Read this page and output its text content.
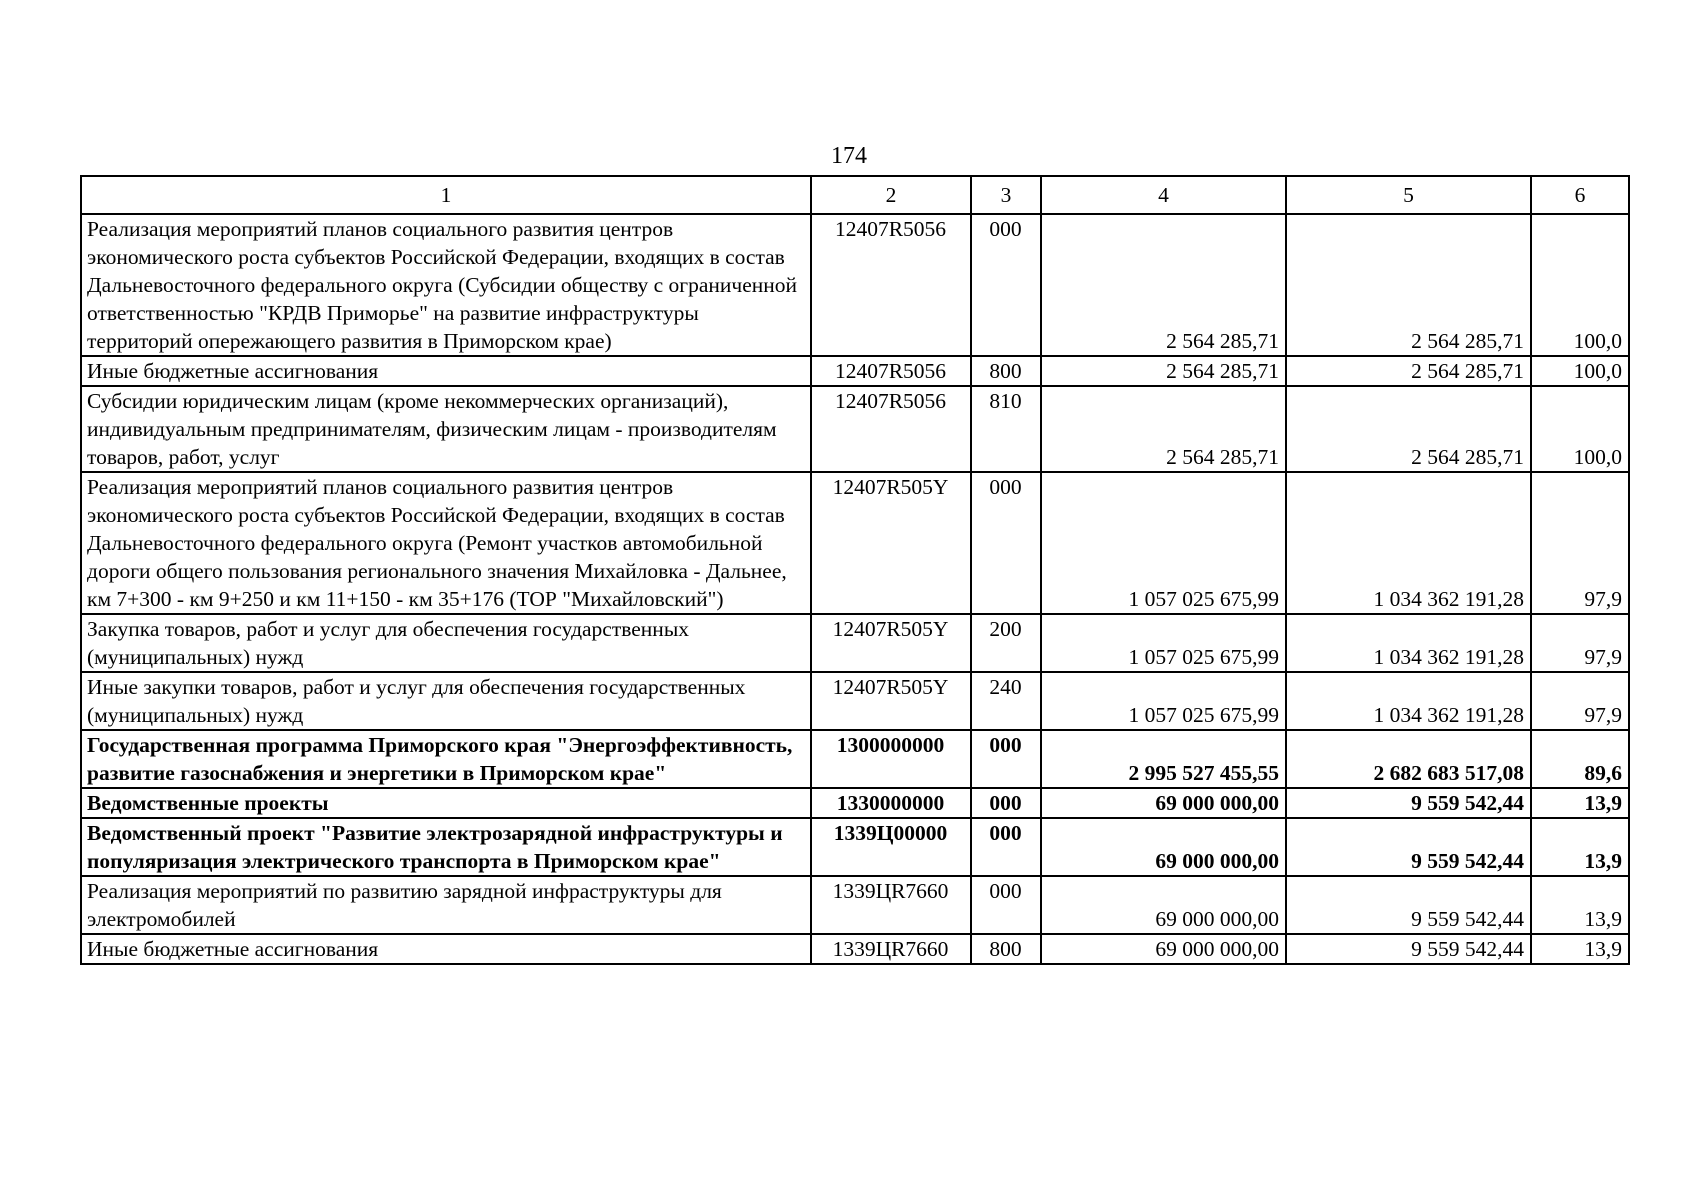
174
1	2	3	4	5	6
Реализация мероприятий планов социального развития центров экономического роста субъектов Российской Федерации, входящих в состав Дальневосточного федерального округа (Субсидии обществу с ограниченной ответственностью "КРДВ Приморье" на развитие инфраструктуры территорий опережающего развития в Приморском крае)	12407R5056	000	2 564 285,71	2 564 285,71	100,0
Иные бюджетные ассигнования	12407R5056	800	2 564 285,71	2 564 285,71	100,0
Субсидии юридическим лицам (кроме некоммерческих организаций), индивидуальным предпринимателям, физическим лицам - производителям товаров, работ, услуг	12407R5056	810	2 564 285,71	2 564 285,71	100,0
Реализация мероприятий планов социального развития центров экономического роста субъектов Российской Федерации, входящих в состав Дальневосточного федерального округа (Ремонт участков автомобильной дороги общего пользования регионального значения Михайловка - Дальнее, км 7+300 - км 9+250 и км 11+150 - км 35+176 (ТОР "Михайловский")	12407R505Y	000	1 057 025 675,99	1 034 362 191,28	97,9
Закупка товаров, работ и услуг для обеспечения государственных (муниципальных) нужд	12407R505Y	200	1 057 025 675,99	1 034 362 191,28	97,9
Иные закупки товаров, работ и услуг для обеспечения государственных (муниципальных) нужд	12407R505Y	240	1 057 025 675,99	1 034 362 191,28	97,9
Государственная программа Приморского края "Энергоэффективность, развитие газоснабжения и энергетики в Приморском крае"	1300000000	000	2 995 527 455,55	2 682 683 517,08	89,6
Ведомственные проекты	1330000000	000	69 000 000,00	9 559 542,44	13,9
Ведомственный проект "Развитие электрозарядной инфраструктуры и популяризация электрического транспорта в Приморском крае"	1339Ц00000	000	69 000 000,00	9 559 542,44	13,9
Реализация мероприятий по развитию зарядной инфраструктуры для электромобилей	1339ЦR7660	000	69 000 000,00	9 559 542,44	13,9
Иные бюджетные ассигнования	1339ЦR7660	800	69 000 000,00	9 559 542,44	13,9
